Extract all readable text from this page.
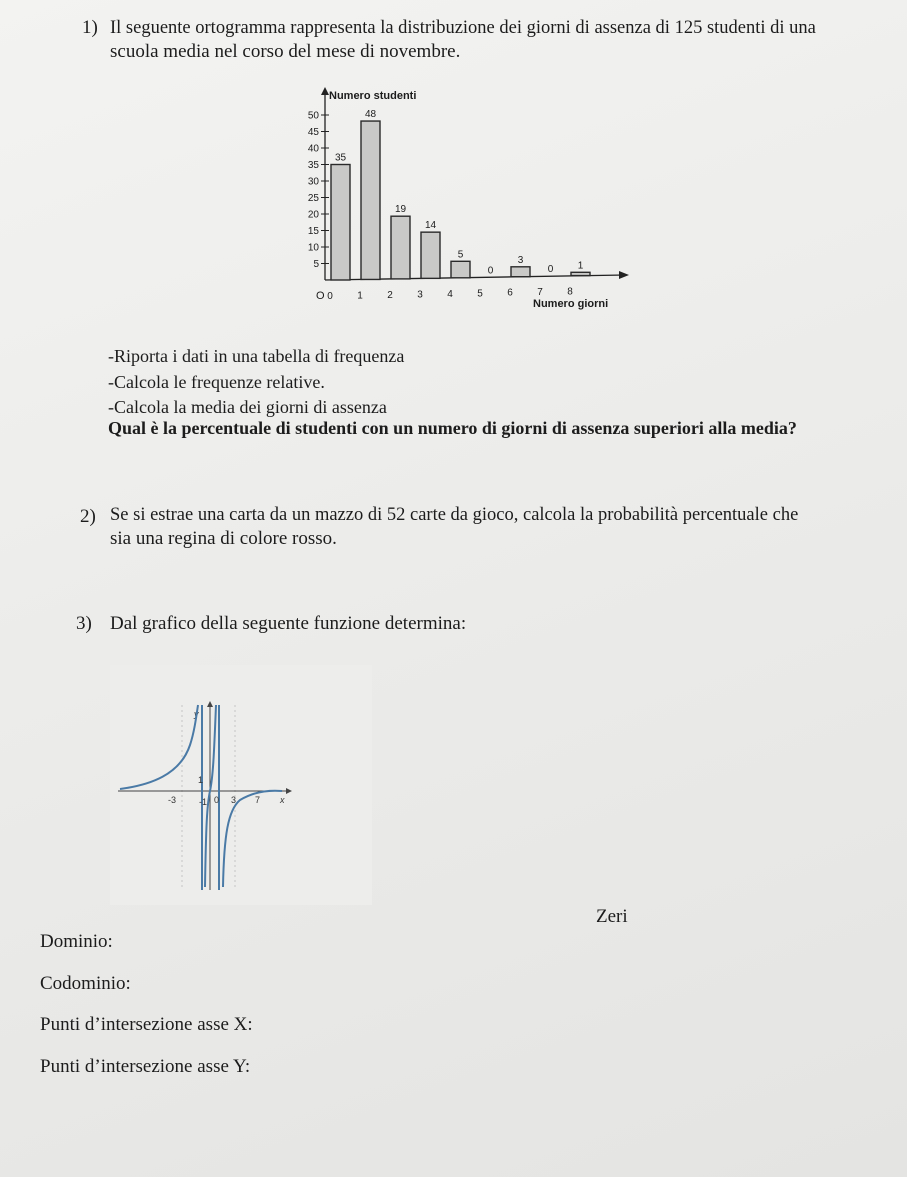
1) Il seguente ortogramma rappresenta la distribuzione dei giorni di assenza di 125 studenti di una
scuola media nel corso del mese di novembre.
Numero studenti
Numero giorni
O
5
10
15
20
25
30
35
40
45
50
35
48
19
14
5
0
3
0 1
0 1 2 3 4 5 6 7 8
-Riporta i dati in una tabella di frequenza
-Calcola le frequenze relative.
-Calcola la media dei giorni di assenza
Qual è la percentuale di studenti con un numero di giorni di assenza superiori alla media?
2) Se si estrae una carta da un mazzo di 52 carte da gioco, calcola la probabilità percentuale che
sia una regina di colore rosso.
3) Dal grafico della seguente funzione determina:
y
x
-3	-1 0 3 7
1
Zeri
Dominio:
Codominio:
Punti d’intersezione asse X:
Punti d’intersezione asse Y:
